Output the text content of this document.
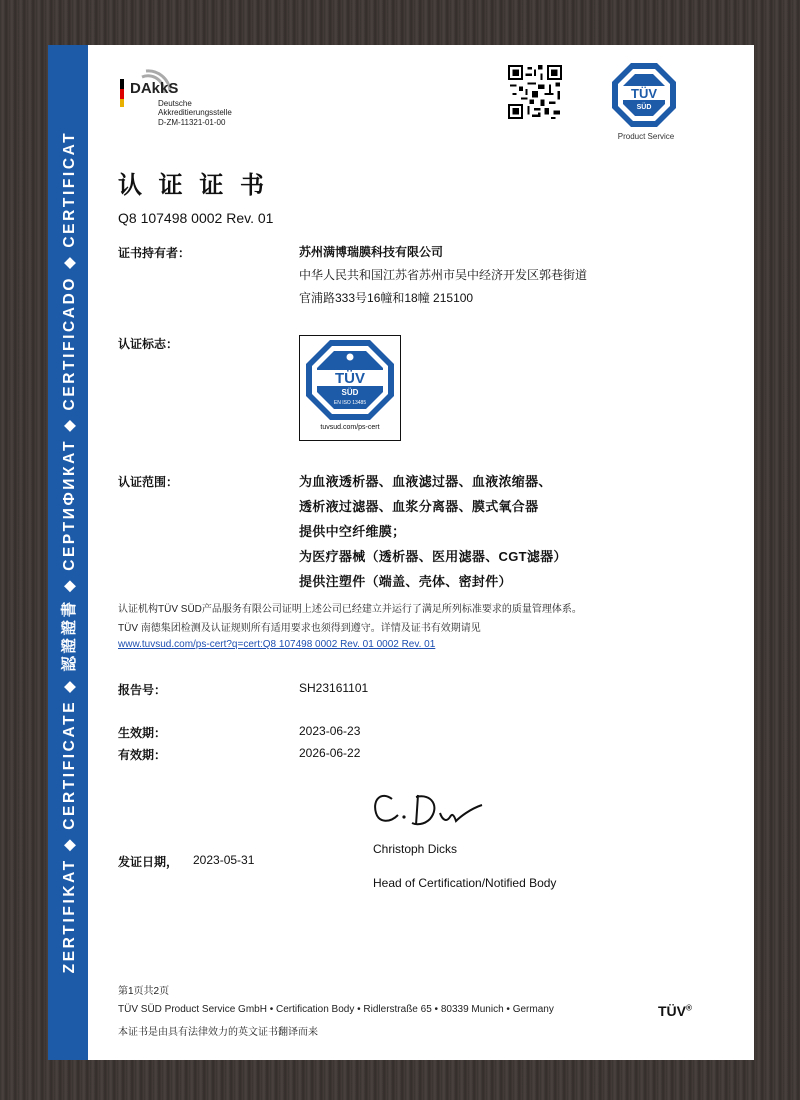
ZERTIFIKAT ◆ CERTIFICATE ◆ 認證證書 ◆ СЕРТИФИКАТ ◆ CERTIFICADO ◆ CERTIFICAT
DAkkS
Deutsche
Akkreditierungsstelle
D-ZM-11321-01-00
TÜV
SÜD
Product Service
认 证 证 书
Q8 107498 0002 Rev. 01
证书持有者：	苏州满博瑞膜科技有限公司
中华人民共和国江苏省苏州市吴中经济开发区郭巷街道
官浦路333号16幢和18幢 215100
认证标志：
TÜV
SÜD
EN ISO 13485
tuvsud.com/ps-cert
认证范围：	为血液透析器、血液滤过器、血液浓缩器、
透析液过滤器、血浆分离器、膜式氧合器
提供中空纤维膜；
为医疗器械（透析器、医用滤器、CGT滤器）
提供注塑件（端盖、壳体、密封件）
认证机构TÜV SÜD产品服务有限公司证明上述公司已经建立并运行了满足所列标准要求的质量管理体系。
TÜV 南德集团检测及认证规则所有适用要求也须得到遵守。详情及证书有效期请见
www.tuvsud.com/ps-cert?q=cert:Q8 107498 0002 Rev. 01 0002 Rev. 01
报告号：	SH23161101
生效期：	2023-06-23
有效期：	2026-06-22
发证日期， 2023-05-31
Christoph Dicks
Head of Certification/Notified Body
第1页共2页
TÜV SÜD Product Service GmbH • Certification Body • Ridlerstraße 65 • 80339 Munich • Germany
本证书是由具有法律效力的英文证书翻译而来
TÜV®
